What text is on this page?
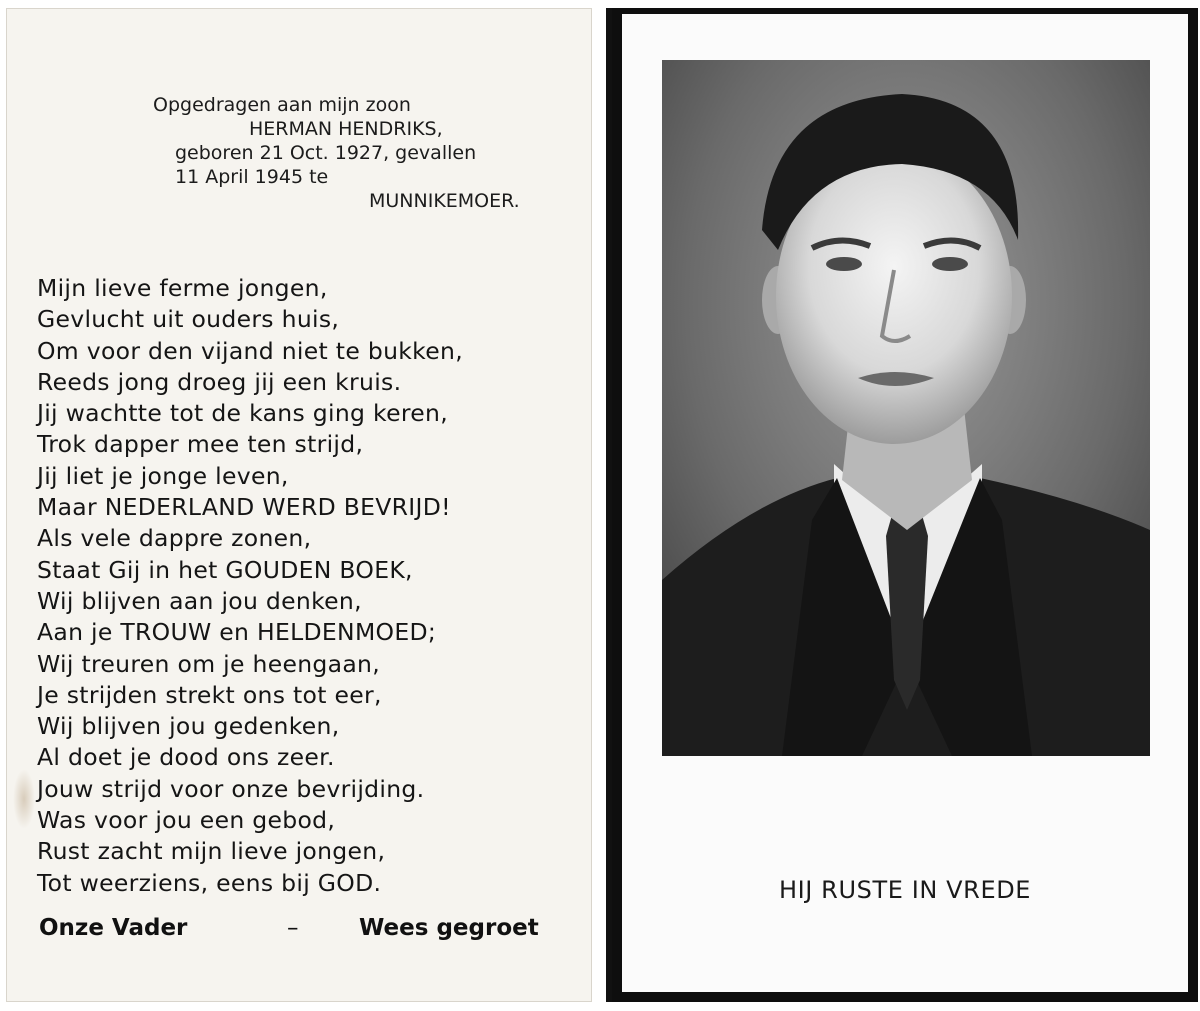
Opgedragen aan mijn zoon
HERMAN HENDRIKS,
geboren 21 Oct. 1927, gevallen
11 April 1945 te
MUNNIKEMOER.
Mijn lieve ferme jongen,
Gevlucht uit ouders huis,
Om voor den vijand niet te bukken,
Reeds jong droeg jij een kruis.
Jij wachtte tot de kans ging keren,
Trok dapper mee ten strijd,
Jij liet je jonge leven,
Maar NEDERLAND WERD BEVRIJD!
Als vele dappre zonen,
Staat Gij in het GOUDEN BOEK,
Wij blijven aan jou denken,
Aan je TROUW en HELDENMOED;
Wij treuren om je heengaan,
Je strijden strekt ons tot eer,
Wij blijven jou gedenken,
Al doet je dood ons zeer.
Jouw strijd voor onze bevrijding.
Was voor jou een gebod,
Rust zacht mijn lieve jongen,
Tot weerziens, eens bij GOD.
Onze Vader	–	Wees gegroet
HIJ RUSTE IN VREDE
